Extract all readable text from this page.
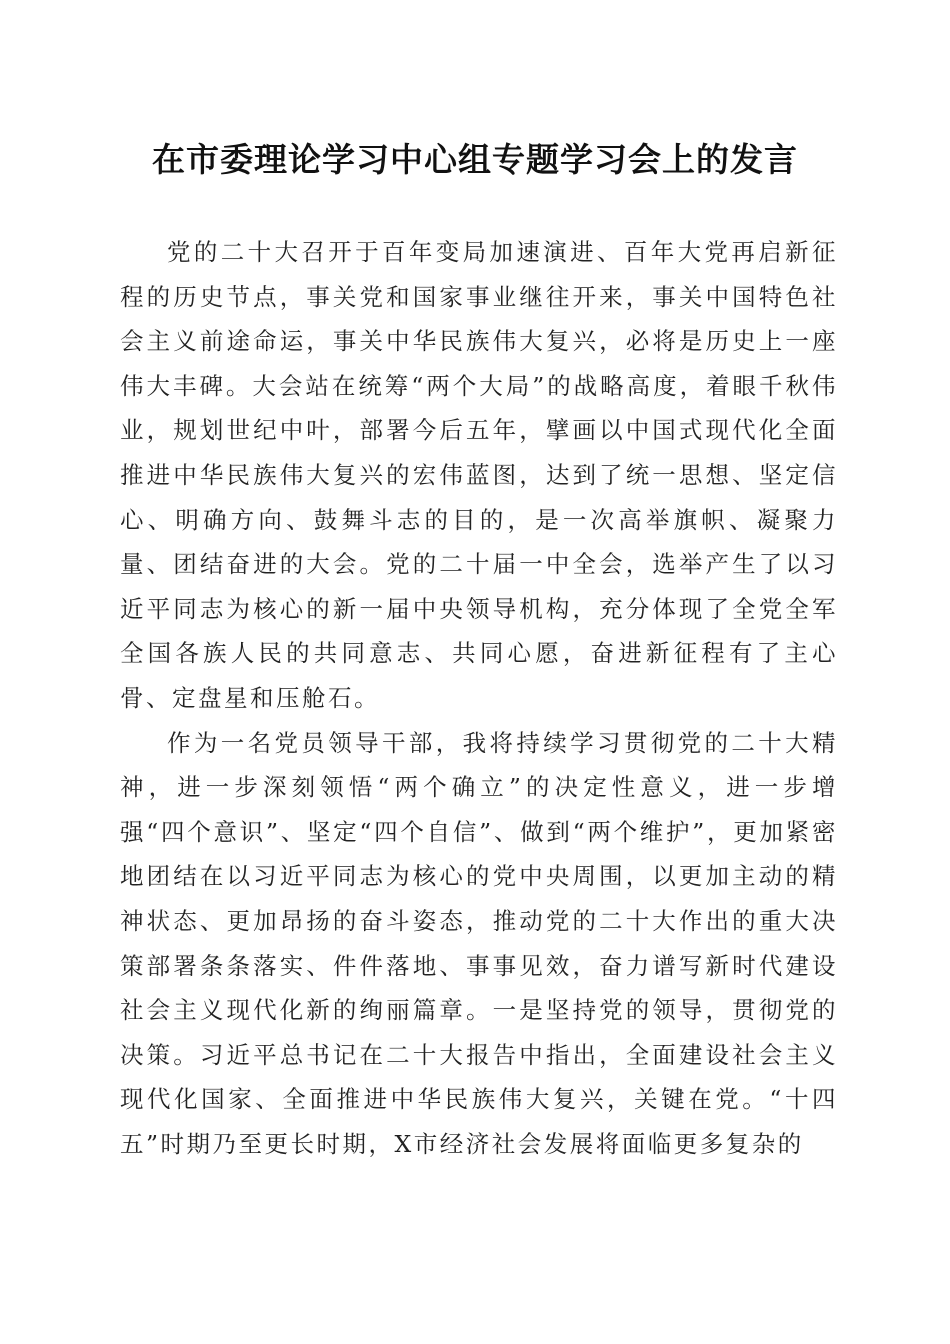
在市委理论学习中心组专题学习会上的发言

党的二十大召开于百年变局加速演进、百年大党再启新征程的历史节点，事关党和国家事业继往开来，事关中国特色社会主义前途命运，事关中华民族伟大复兴，必将是历史上一座伟大丰碑。大会站在统筹“两个大局”的战略高度，着眼千秋伟业，规划世纪中叶，部署今后五年，擘画以中国式现代化全面推进中华民族伟大复兴的宏伟蓝图，达到了统一思想、坚定信心、明确方向、鼓舞斗志的目的，是一次高举旗帜、凝聚力量、团结奋进的大会。党的二十届一中全会，选举产生了以习近平同志为核心的新一届中央领导机构，充分体现了全党全军全国各族人民的共同意志、共同心愿，奋进新征程有了主心骨、定盘星和压舱石。

作为一名党员领导干部，我将持续学习贯彻党的二十大精神，进一步深刻领悟“两个确立”的决定性意义，进一步增强“四个意识”、坚定“四个自信”、做到“两个维护”，更加紧密地团结在以习近平同志为核心的党中央周围，以更加主动的精神状态、更加昂扬的奋斗姿态，推动党的二十大作出的重大决策部署条条落实、件件落地、事事见效，奋力谱写新时代建设社会主义现代化新的绚丽篇章。一是坚持党的领导，贯彻党的决策。习近平总书记在二十大报告中指出，全面建设社会主义现代化国家、全面推进中华民族伟大复兴，关键在党。“十四五”时期乃至更长时期，X市经济社会发展将面临更多复杂的
